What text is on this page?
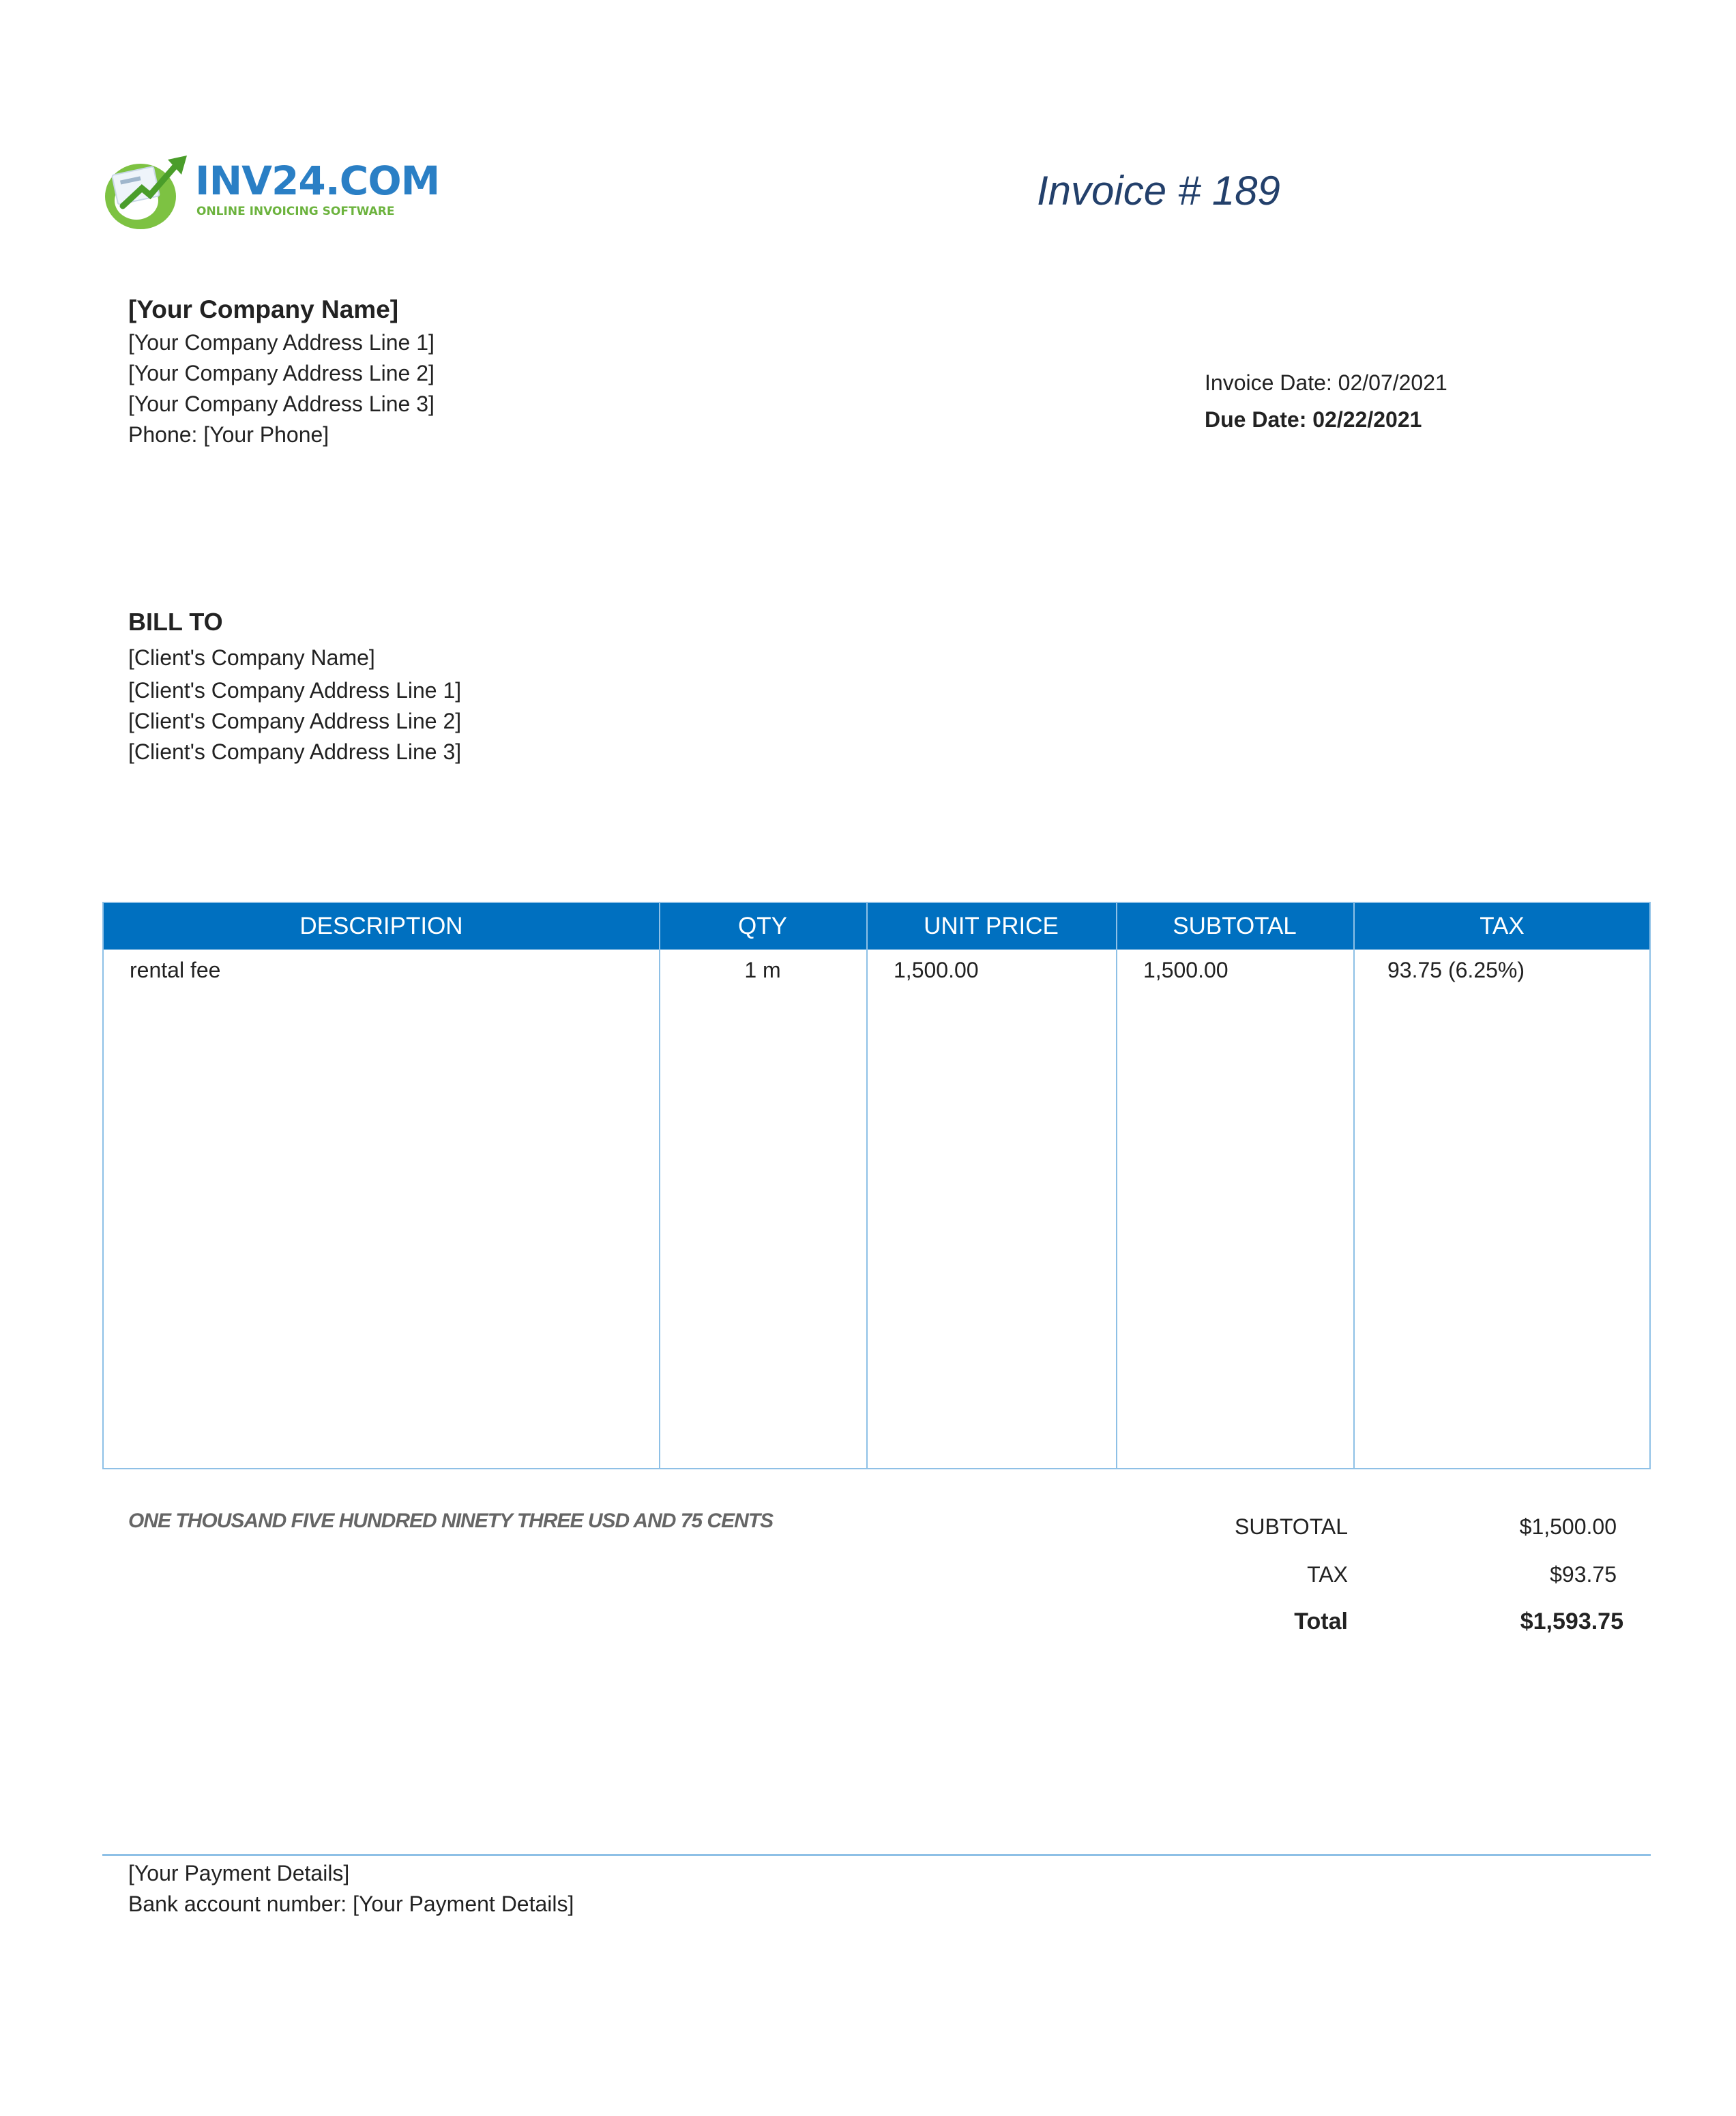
INV24.COM
ONLINE INVOICING SOFTWARE	Invoice # 189
[Your Company Name]
[Your Company Address Line 1]
[Your Company Address Line 2]
[Your Company Address Line 3]
Phone: [Your Phone]
Invoice Date: 02/07/2021
Due Date: 02/22/2021
BILL TO
[Client's Company Name]
[Client's Company Address Line 1]
[Client's Company Address Line 2]
[Client's Company Address Line 3]
DESCRIPTION	QTY	UNIT PRICE	SUBTOTAL	TAX
rental fee	1 m	1,500.00	1,500.00	93.75 (6.25%)
ONE THOUSAND FIVE HUNDRED NINETY THREE USD AND 75 CENTS	SUBTOTAL	$1,500.00
TAX	$93.75
Total	$1,593.75
[Your Payment Details]
Bank account number: [Your Payment Details]
